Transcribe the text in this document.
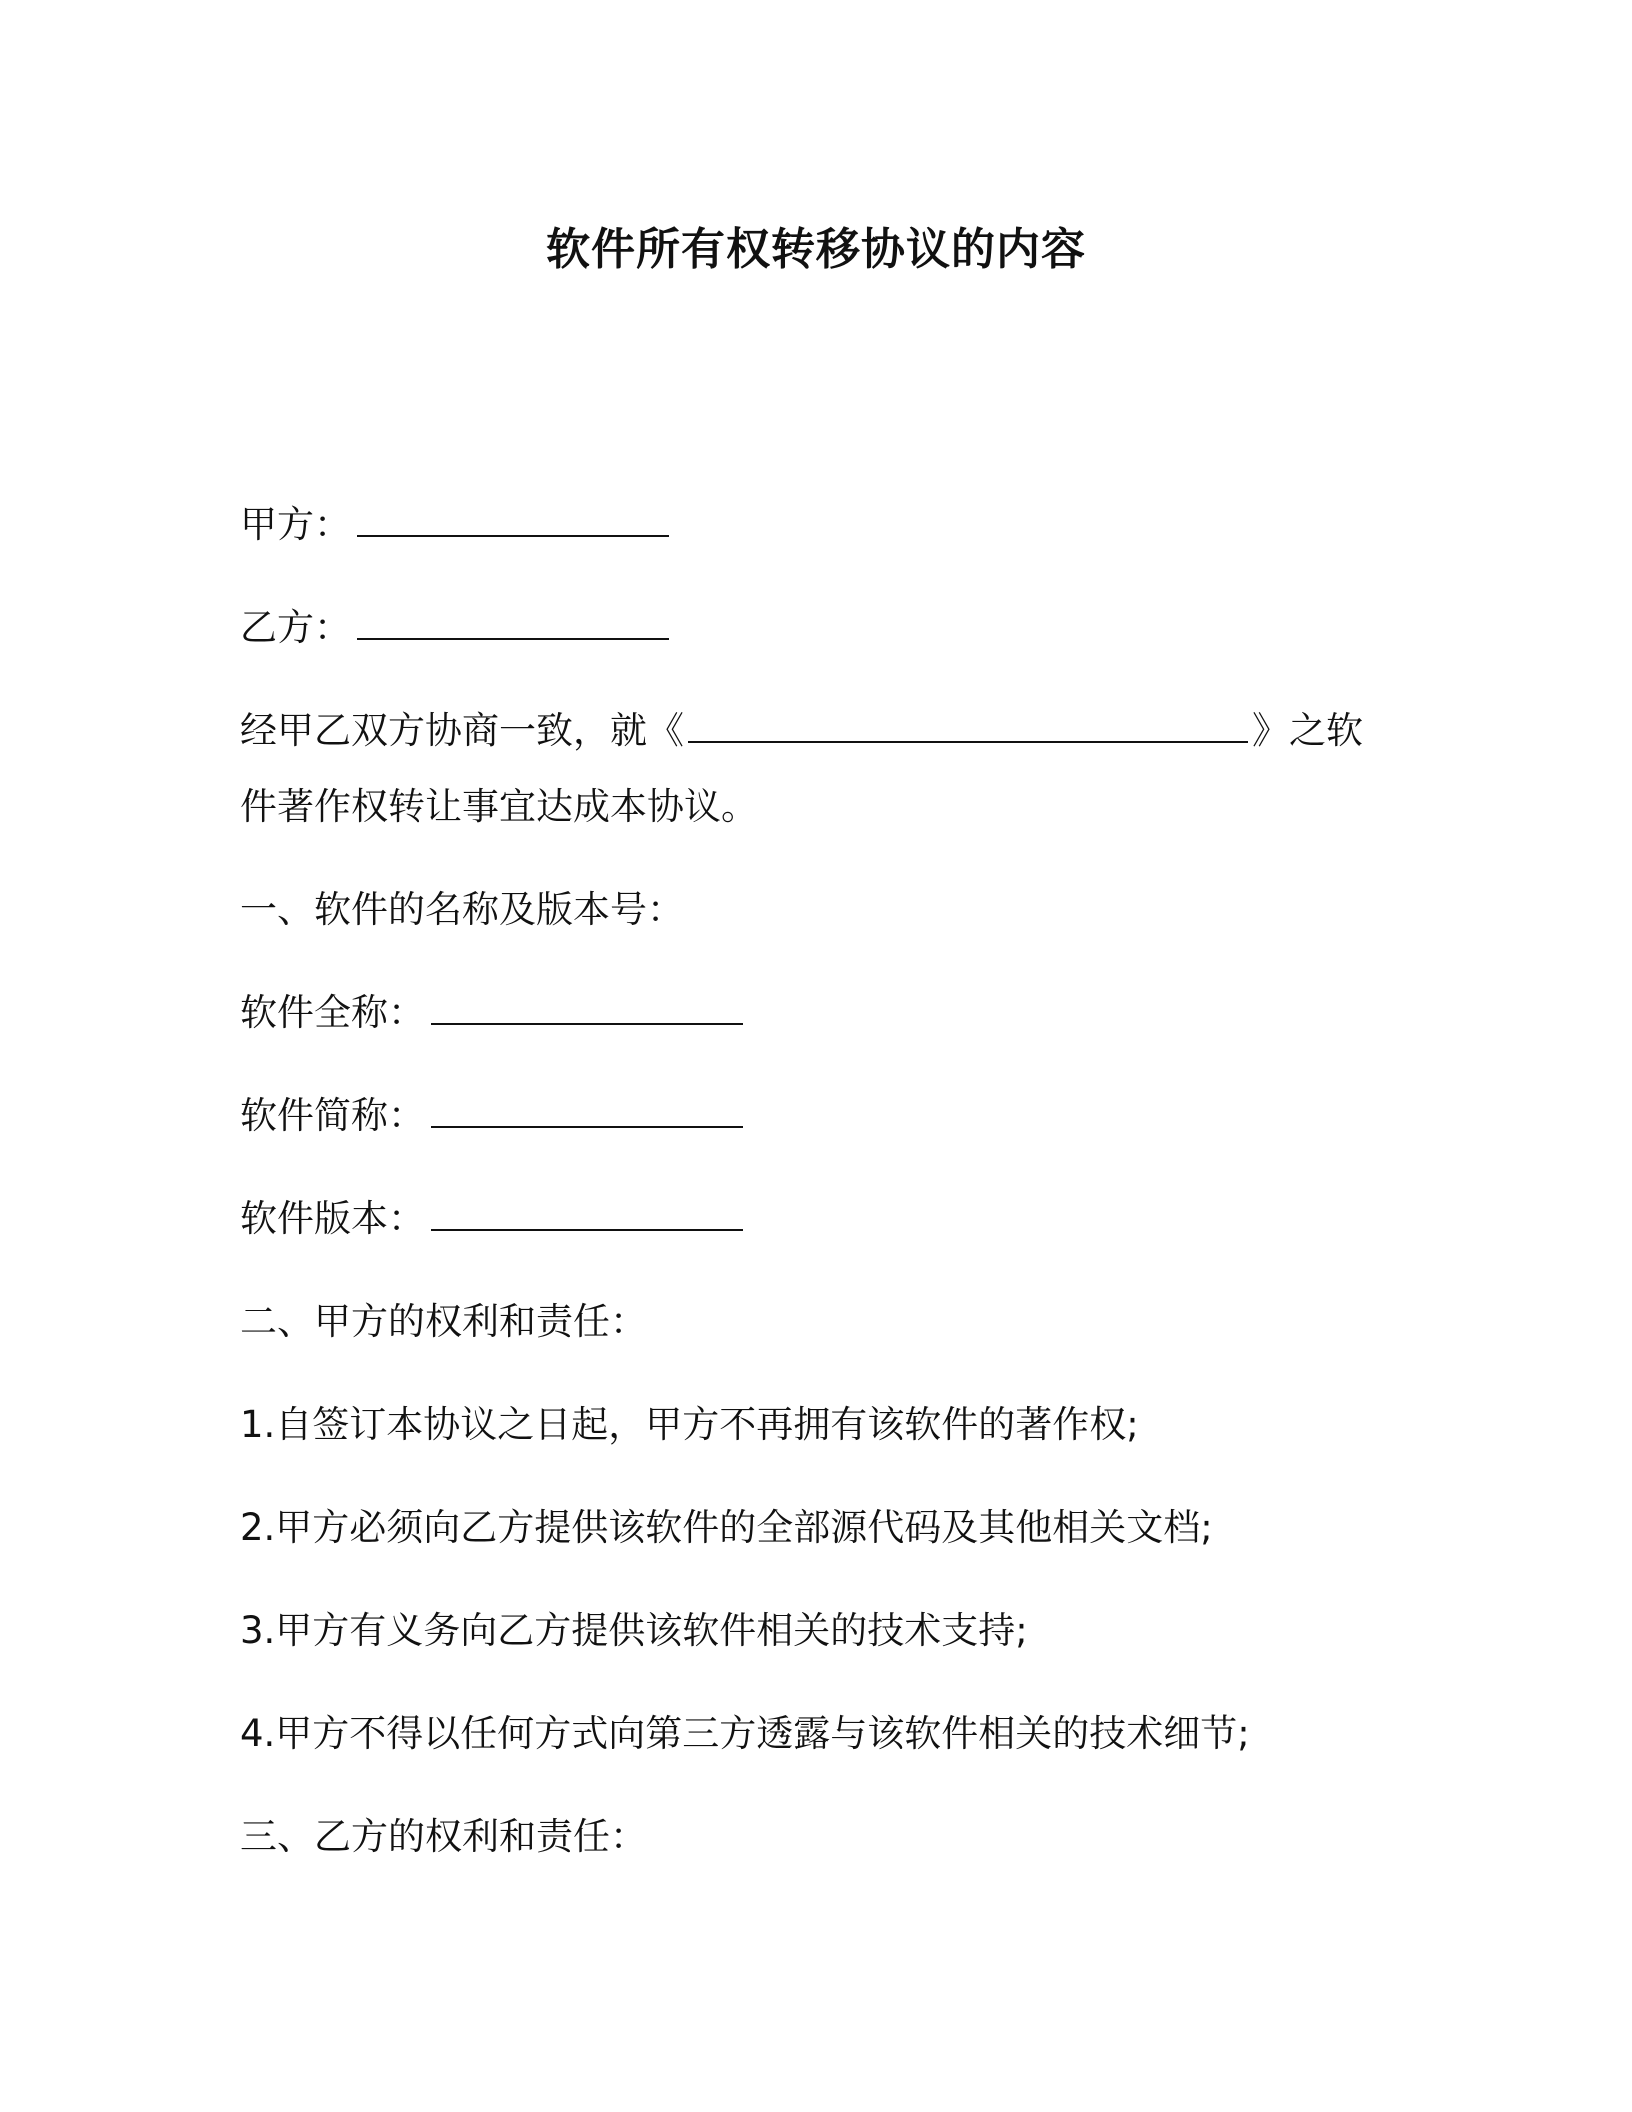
软件所有权转移协议的内容
甲方：
乙方：
经甲乙双方协商一致，就《	》之软
件著作权转让事宜达成本协议。
一、软件的名称及版本号：
软件全称：
软件简称：
软件版本：
二、甲方的权利和责任：
1.自签订本协议之日起，甲方不再拥有该软件的著作权;
2.甲方必须向乙方提供该软件的全部源代码及其他相关文档;
3.甲方有义务向乙方提供该软件相关的技术支持;
4.甲方不得以任何方式向第三方透露与该软件相关的技术细节;
三、乙方的权利和责任：
